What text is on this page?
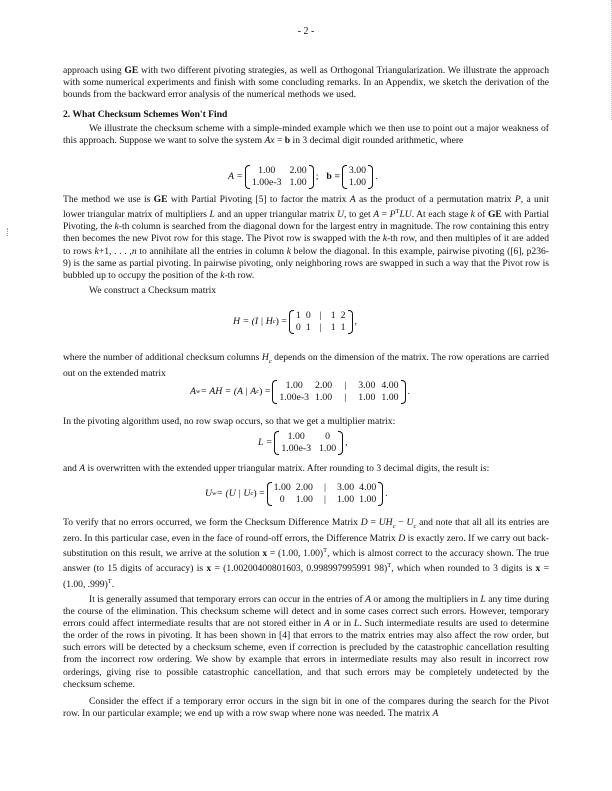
- 2 -

approach using GE with two different pivoting strategies, as well as Orthogonal Triangularization. We illustrate the approach with some numerical experiments and finish with some concluding remarks. In an Appendix, we sketch the derivation of the bounds from the backward error analysis of the numerical methods we used.

2. What Checksum Schemes Won't Find

We illustrate the checksum scheme with a simple-minded example which we then use to point out a major weakness of this approach. Suppose we want to solve the system Ax = b in 3 decimal digit rounded arithmetic, where

A =
1.00	2.00
1.00e-3 1.00
; b =
3.00
1.00
.

The method we use is GE with Partial Pivoting [5] to factor the matrix A as the product of a permutation matrix P, a unit lower triangular matrix of multipliers L and an upper triangular matrix U, to get $A = P^TLU$. At each stage k of GE with Partial Pivoting, the k-th column is searched from the diagonal down for the largest entry in magnitude. The row containing this entry then becomes the new Pivot row for this stage. The Pivot row is swapped with the k-th row, and then multiples of it are added to rows k+1, . . . ,n to annihilate all the entries in column k below the diagonal. In this example, pairwise pivoting ([6], p236-9) is the same as partial pivoting. In pairwise pivoting, only neighboring rows are swapped in such a way that the Pivot row is bubbled up to occupy the position of the k-th row.

We construct a Checksum matrix

H = (I | H c ) =
1 0 | 1 2
0 1 | 1 1
,

where the number of additional checksum columns $H_c$ depends on the dimension of the matrix. The row operations are carried out on the extended matrix

A w = AH = (A | A c ) =
1.00	2.00	|	3.00 4.00
1.00e-3 1.00	|	1.00 1.00
.

In the pivoting algorithm used, no row swap occurs, so that we get a multiplier matrix:

L =
1.00	0
1.00e-3 1.00
,

and A is overwritten with the extended upper triangular matrix. After rounding to 3 decimal digits, the result is:

U w = (U | U c ) =
1.00 2.00	|	3.00 4.00
0	1.00	|	1.00 1.00
.

To verify that no errors occurred, we form the Checksum Difference Matrix $D = UH_c - U_c$ and note that all all its entries are zero. In this particular case, even in the face of round-off errors, the Difference Matrix D is exactly zero. If we carry out back-substitution on this result, we arrive at the solution x = (1.00, 1.00)$^T$, which is almost correct to the accuracy shown. The true answer (to 15 digits of accuracy) is x = (1.00200400801603, 0.998997995991 98)$^T$, which when rounded to 3 digits is x = (1.00, .999)$^T$.

It is generally assumed that temporary errors can occur in the entries of A or among the multipliers in L any time during the course of the elimination. This checksum scheme will detect and in some cases correct such errors. However, temporary errors could affect intermediate results that are not stored either in A or in L. Such intermediate results are used to determine the order of the rows in pivoting. It has been shown in [4] that errors to the matrix entries may also affect the row order, but such errors will be detected by a checksum scheme, even if correction is precluded by the catastrophic cancellation resulting from the incorrect row ordering. We show by example that errors in intermediate results may also result in incorrect row orderings, giving rise to possible catastrophic cancellation, and that such errors may be completely undetected by the checksum scheme.

Consider the effect if a temporary error occurs in the sign bit in one of the compares during the search for the Pivot row. In our particular example; we end up with a row swap where none was needed. The matrix A
